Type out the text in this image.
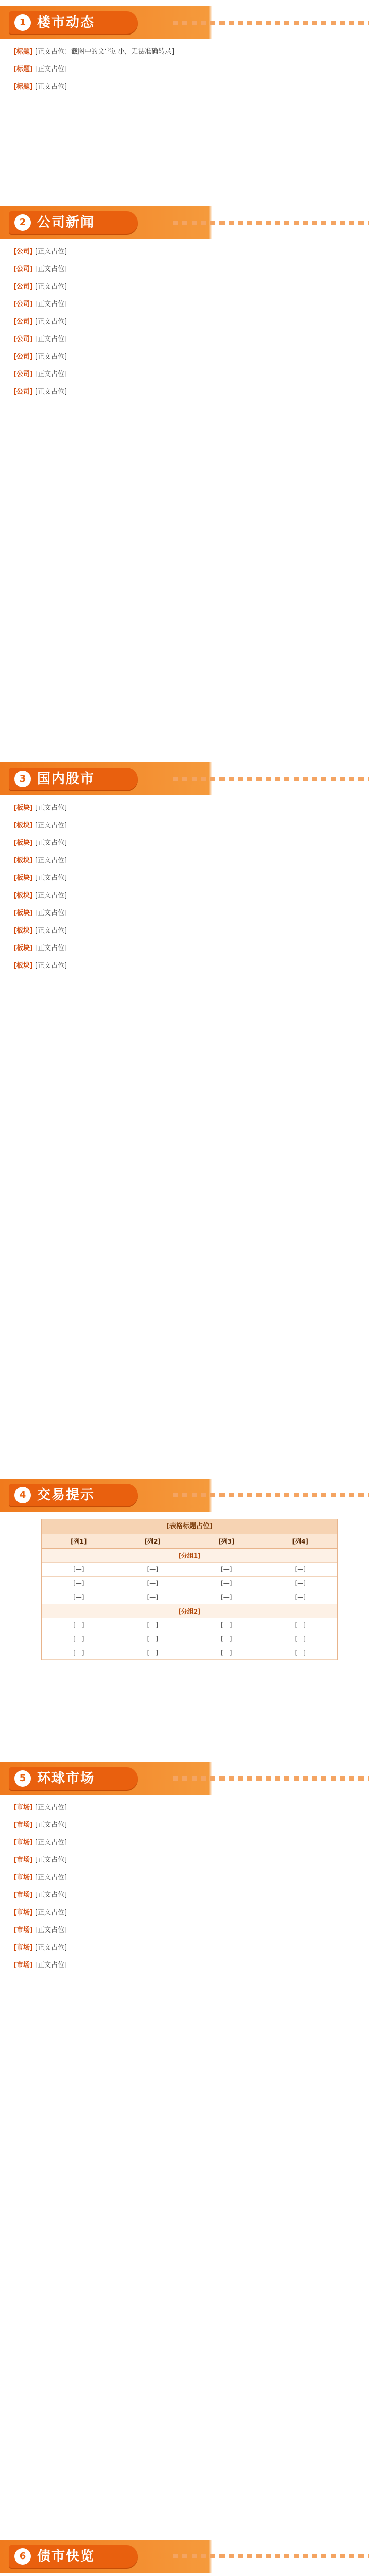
1 楼市动态

[标题] [正文占位：截图中的文字过小，无法准确转录]

[标题] [正文占位]

[标题] [正文占位]

2 公司新闻

[公司] [正文占位]

[公司] [正文占位]

[公司] [正文占位]

[公司] [正文占位]

[公司] [正文占位]

[公司] [正文占位]

[公司] [正文占位]

[公司] [正文占位]

[公司] [正文占位]

3 国内股市

[板块] [正文占位]

[板块] [正文占位]

[板块] [正文占位]

[板块] [正文占位]

[板块] [正文占位]

[板块] [正文占位]

[板块] [正文占位]

[板块] [正文占位]

[板块] [正文占位]

[板块] [正文占位]

4 交易提示
[表格标题占位]
[列1]	[列2]	[列3]	[列4]
[分组1]			
[—]	[—]	[—]	[—]
[—]	[—]	[—]	[—]
[—]	[—]	[—]	[—]
[分组2]			
[—]	[—]	[—]	[—]
[—]	[—]	[—]	[—]
[—]	[—]	[—]	[—]
5 环球市场

[市场] [正文占位]

[市场] [正文占位]

[市场] [正文占位]

[市场] [正文占位]

[市场] [正文占位]

[市场] [正文占位]

[市场] [正文占位]

[市场] [正文占位]

[市场] [正文占位]

[市场] [正文占位]

6 债市快览
